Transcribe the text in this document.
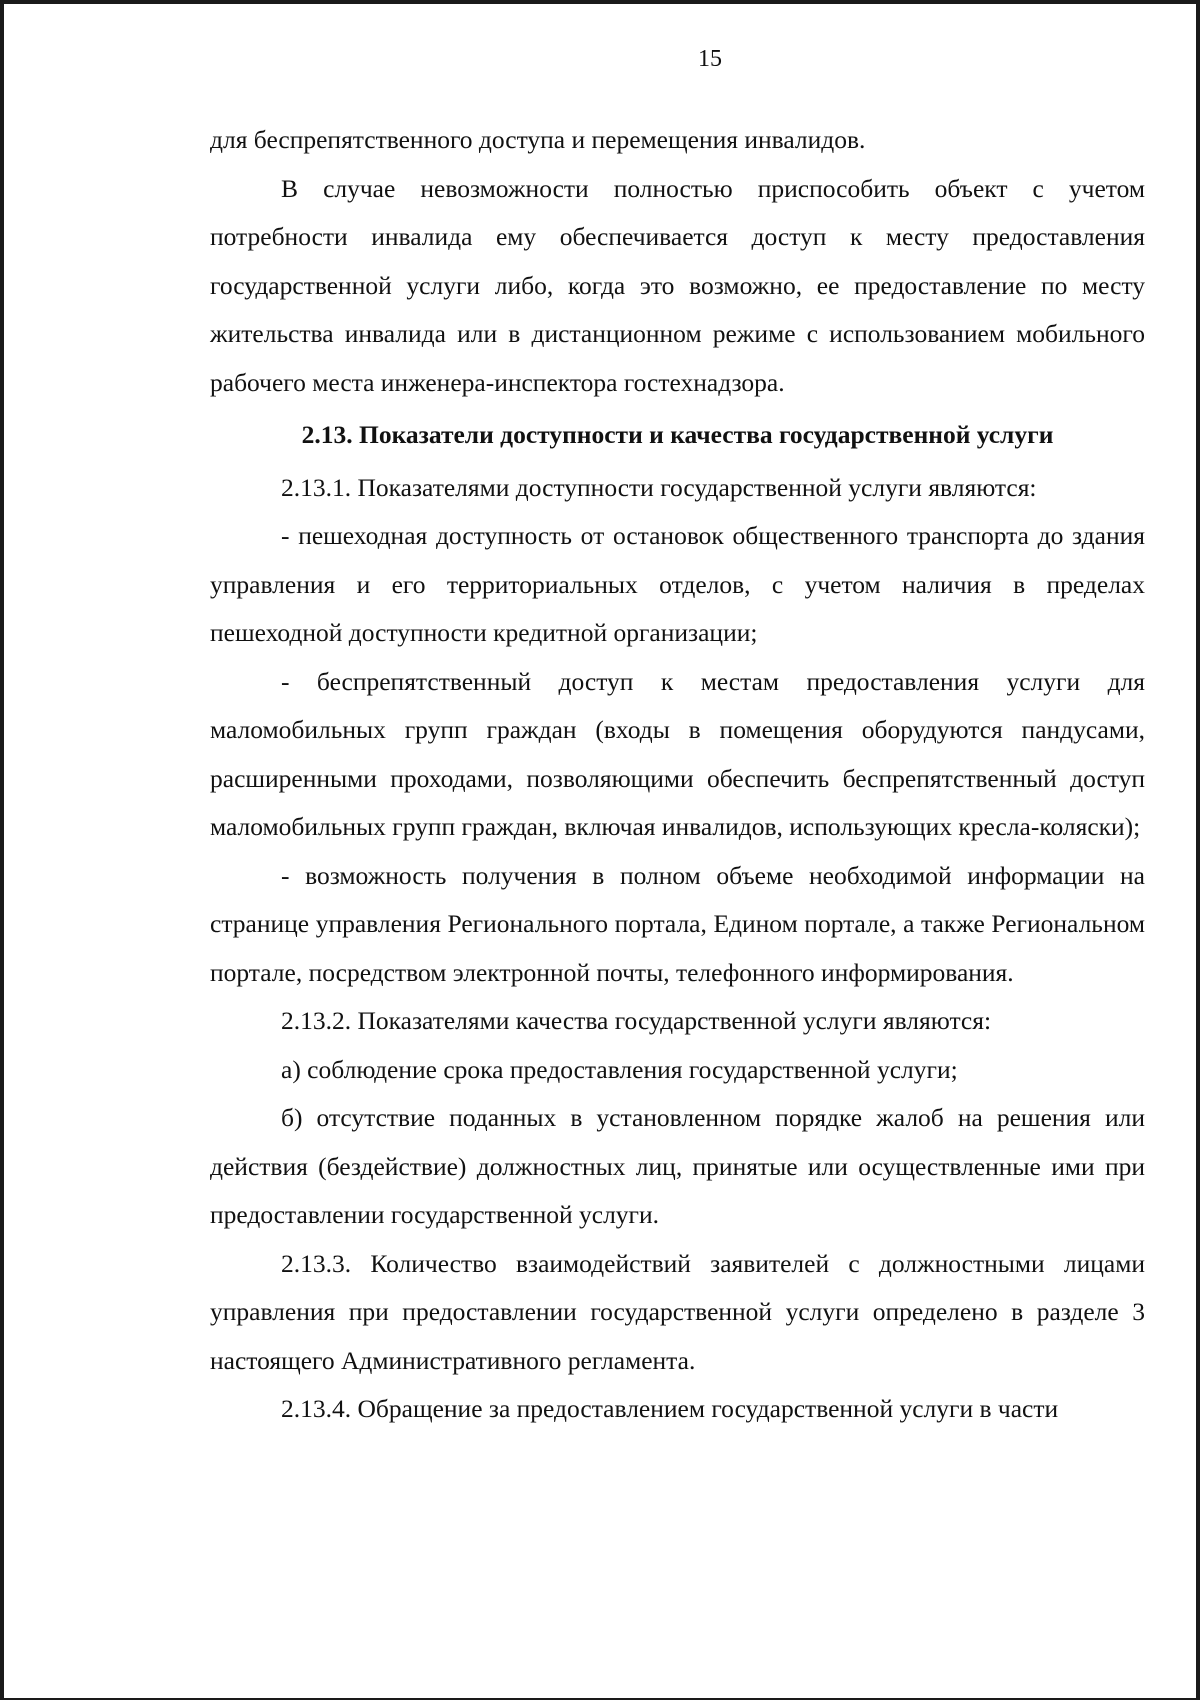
15

для беспрепятственного доступа и перемещения инвалидов.

В случае невозможности полностью приспособить объект с учетом потребности инвалида ему обеспечивается доступ к месту предоставления государственной услуги либо, когда это возможно, ее предоставление по месту жительства инвалида или в дистанционном режиме с использованием мобильного рабочего места инженера-инспектора гостехнадзора.

2.13. Показатели доступности и качества государственной услуги

2.13.1. Показателями доступности государственной услуги являются:

- пешеходная доступность от остановок общественного транспорта до здания управления и его территориальных отделов, с учетом наличия в пределах пешеходной доступности кредитной организации;

- беспрепятственный доступ к местам предоставления услуги для маломобильных групп граждан (входы в помещения оборудуются пандусами, расширенными проходами, позволяющими обеспечить беспрепятственный доступ маломобильных групп граждан, включая инвалидов, использующих кресла-коляски);

- возможность получения в полном объеме необходимой информации на странице управления Регионального портала, Едином портале, а также Региональном портале, посредством электронной почты, телефонного информирования.

2.13.2. Показателями качества государственной услуги являются:

а) соблюдение срока предоставления государственной услуги;

б) отсутствие поданных в установленном порядке жалоб на решения или действия (бездействие) должностных лиц, принятые или осуществленные ими при предоставлении государственной услуги.

2.13.3. Количество взаимодействий заявителей с должностными лицами управления при предоставлении государственной услуги определено в разделе 3 настоящего Административного регламента.

2.13.4. Обращение за предоставлением государственной услуги в части
